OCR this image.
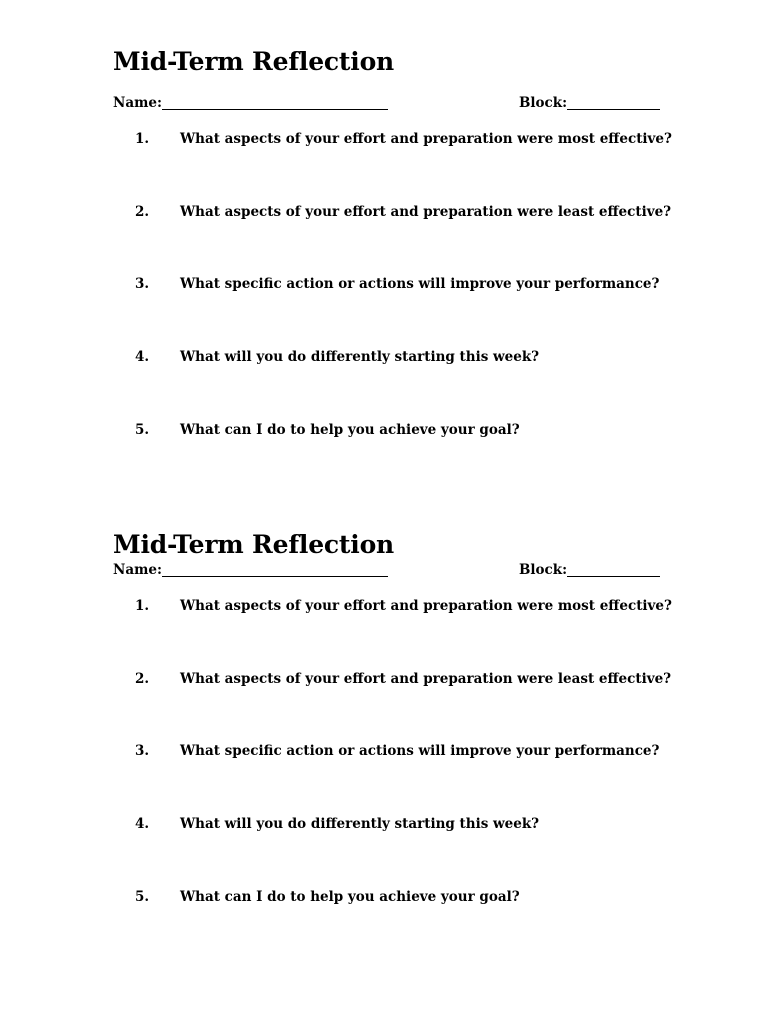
Mid-Term Reflection
Name:	Block:
1. What aspects of your effort and preparation were most effective?
2. What aspects of your effort and preparation were least effective?
3. What specific action or actions will improve your performance?
4. What will you do differently starting this week?
5. What can I do to help you achieve your goal?
Mid-Term Reflection
Name:	Block:
1. What aspects of your effort and preparation were most effective?
2. What aspects of your effort and preparation were least effective?
3. What specific action or actions will improve your performance?
4. What will you do differently starting this week?
5. What can I do to help you achieve your goal?
